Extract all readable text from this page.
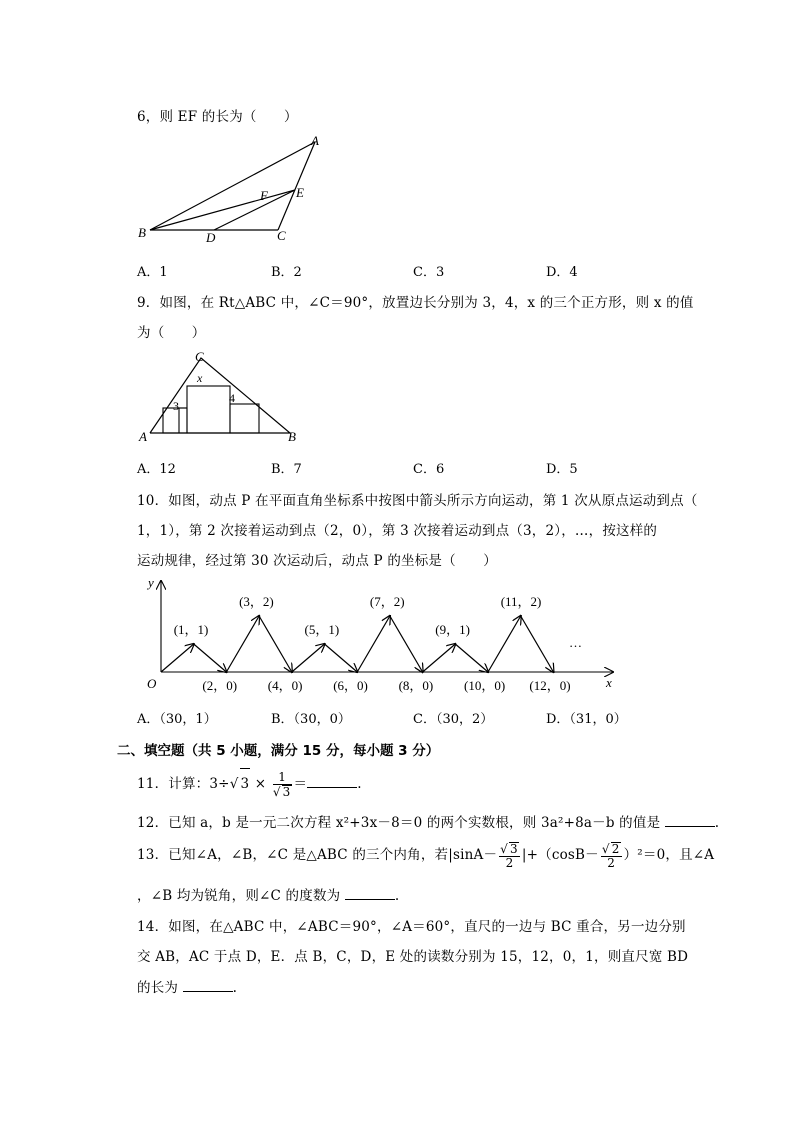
6，则 EF 的长为（　　）
A
B	C
D
E
F
A．1	B．2	C．3	D．4
9．如图，在 Rt△ABC 中，∠C＝90°，放置边长分别为 3，4，x 的三个正方形，则 x 的值
为（　　）
A	B
C
3
4
x
A．12	B．7	C．6	D．5
10．如图，动点 P 在平面直角坐标系中按图中箭头所示方向运动，第 1 次从原点运动到点（
1，1），第 2 次接着运动到点（2，0），第 3 次接着运动到点（3，2），…，按这样的
运动规律，经过第 30 次运动后，动点 P 的坐标是（　　）
x
y
O
…
(1，1)
(2，0)
(3，2)
(4，0)
(5，1)
(6，0)
(7，2)
(8，0)
(9，1)
(10，0)
(11，2)
(12，0)
A．（30，1）	B．（30，0）	C．（30，2）	D．（31，0）
二、填空题（共 5 小题，满分 15 分，每小题 3 分）
11．计算：3÷√ $3 \times \frac{1}{√ 3}$ ＝	.
12．已知 a，b 是一元二次方程 x²+3x－8＝0 的两个实数根，则 3a²+8a－b 的值是	.
13．已知∠A，∠B，∠C 是△ABC 的三个内角，若$|\sin A- \frac{√ 3}{2} |+(\cos B- \frac{√ 2}{2} )^2=0$，且∠A
，∠B 均为锐角，则∠C 的度数为	.
14．如图，在△ABC 中，∠ABC＝90°，∠A＝60°，直尺的一边与 BC 重合，另一边分别
交 AB，AC 于点 D，E．点 B，C，D，E 处的读数分别为 15，12，0，1，则直尺宽 BD
的长为	.
